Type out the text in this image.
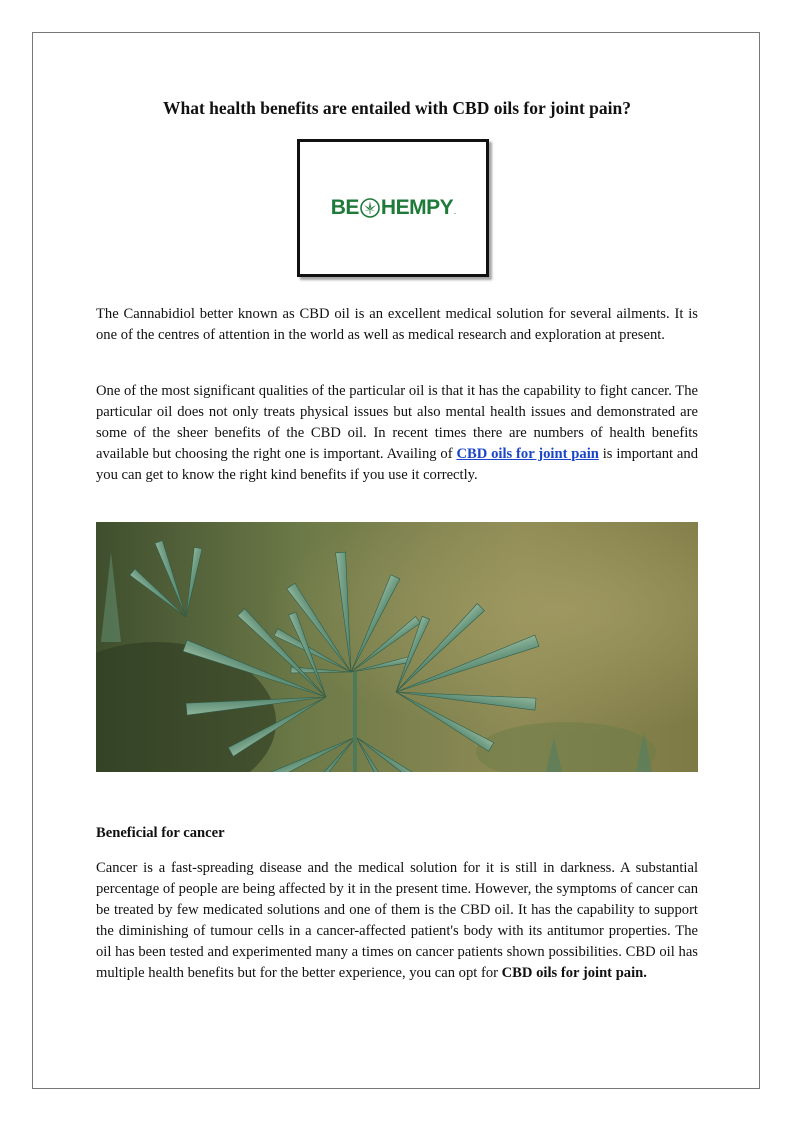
What health benefits are entailed with CBD oils for joint pain?
BE HEMPY .

The Cannabidiol better known as CBD oil is an excellent medical solution for several ailments. It is one of the centres of attention in the world as well as medical research and exploration at present.

One of the most significant qualities of the particular oil is that it has the capability to fight cancer. The particular oil does not only treats physical issues but also mental health issues and demonstrated are some of the sheer benefits of the CBD oil. In recent times there are numbers of health benefits available but choosing the right one is important. Availing of CBD oils for joint pain is important and you can get to know the right kind benefits if you use it correctly.

Beneficial for cancer

Cancer is a fast-spreading disease and the medical solution for it is still in darkness. A substantial percentage of people are being affected by it in the present time. However, the symptoms of cancer can be treated by few medicated solutions and one of them is the CBD oil. It has the capability to support the diminishing of tumour cells in a cancer-affected patient's body with its antitumor properties. The oil has been tested and experimented many a times on cancer patients shown possibilities. CBD oil has multiple health benefits but for the better experience, you can opt for CBD oils for joint pain.
